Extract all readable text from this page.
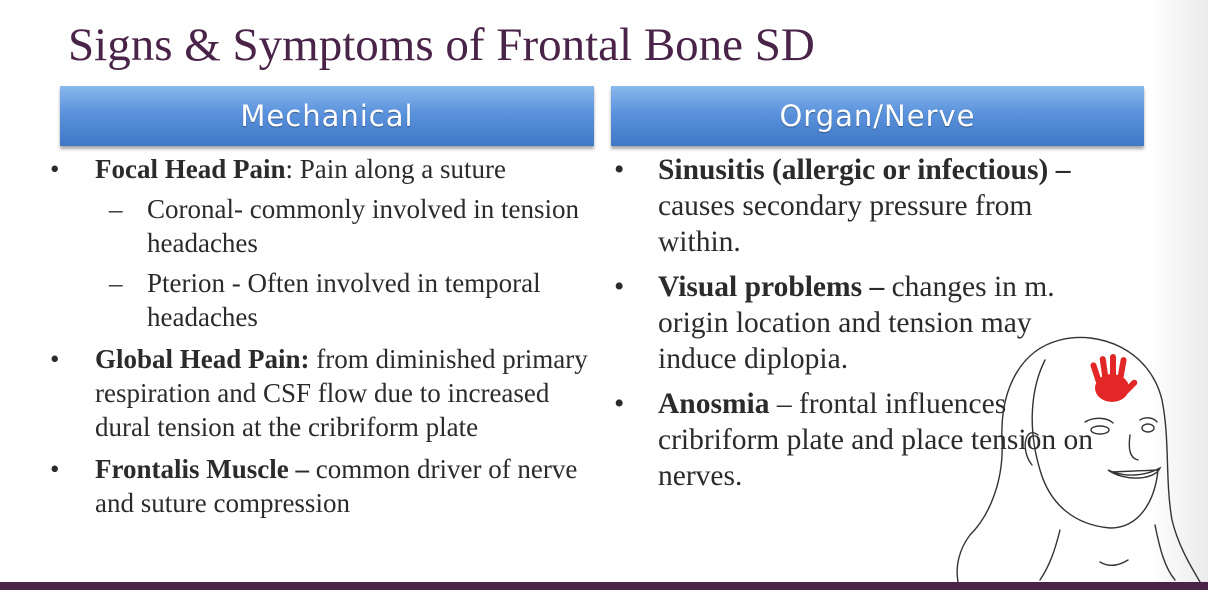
Signs & Symptoms of Frontal Bone SD
Mechanical	Organ/Nerve
• Focal Head Pain: Pain along a suture
– Coronal- commonly involved in tension headaches
– Pterion - Often involved in temporal headaches
• Global Head Pain: from diminished primary respiration and CSF flow due to increased dural tension at the cribriform plate
• Frontalis Muscle – common driver of nerve and suture compression
• Sinusitis (allergic or infectious) – causes secondary pressure from within.
• Visual problems – changes in m. origin location and tension may induce diplopia.
• Anosmia – frontal influences cribriform plate and place tension on nerves.
